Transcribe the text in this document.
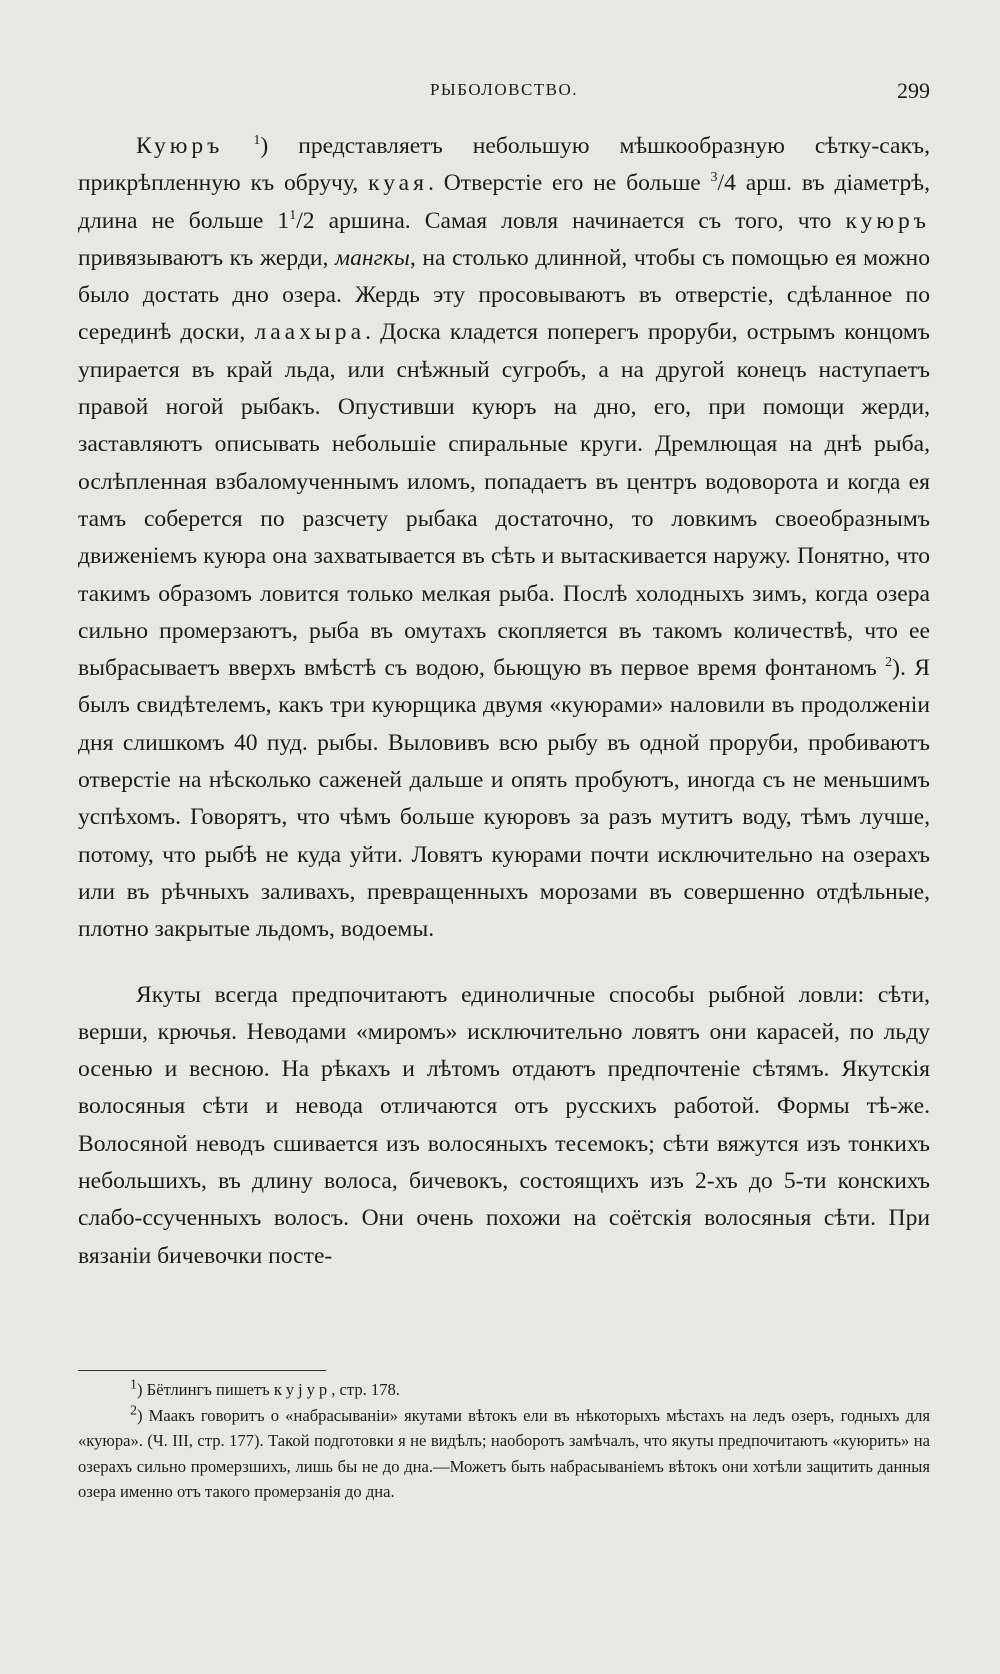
РЫБОЛОВСТВО.	299

Куюръ $^1$) представляетъ небольшую мѣшкообразную сѣтку-сакъ, прикрѣпленную къ обручу, куая. Отверстіе его не больше $^3$/4 арш. въ діаметрѣ, длина не больше $1^1/2$ аршина. Самая ловля начинается съ того, что куюръ привязываютъ къ жерди, мангкы, на столько длинной, чтобы съ помощью ея можно было достать дно озера. Жердь эту просовываютъ въ отверстіе, сдѣланное по серединѣ доски, лаахыра. Доска кладется поперегъ проруби, острымъ концомъ упирается въ край льда, или снѣжный сугробъ, а на другой конецъ наступаетъ правой ногой рыбакъ. Опустивши куюръ на дно, его, при помощи жерди, заставляютъ описывать небольшіе спиральные круги. Дремлющая на днѣ рыба, ослѣпленная взбаломученнымъ иломъ, попадаетъ въ центръ водоворота и когда ея тамъ соберется по разсчету рыбака достаточно, то ловкимъ своеобразнымъ движеніемъ куюра она захватывается въ сѣть и вытаскивается наружу. Понятно, что такимъ образомъ ловится только мелкая рыба. Послѣ холодныхъ зимъ, когда озера сильно промерзаютъ, рыба въ омутахъ скопляется въ такомъ количествѣ, что ее выбрасываетъ вверхъ вмѣстѣ съ водою, бьющую въ первое время фонтаномъ $^2$). Я былъ свидѣтелемъ, какъ три куюрщика двумя «куюрами» наловили въ продолженіи дня слишкомъ 40 пуд. рыбы. Выловивъ всю рыбу въ одной проруби, пробиваютъ отверстіе на нѣсколько саженей дальше и опять пробуютъ, иногда съ не меньшимъ успѣхомъ. Говорятъ, что чѣмъ больше куюровъ за разъ мутитъ воду, тѣмъ лучше, потому, что рыбѣ не куда уйти. Ловятъ куюрами почти исключительно на озерахъ или въ рѣчныхъ заливахъ, превращенныхъ морозами въ совершенно отдѣльные, плотно закрытые льдомъ, водоемы.

Якуты всегда предпочитаютъ единоличные способы рыбной ловли: сѣти, верши, крючья. Неводами «миромъ» исключительно ловятъ они карасей, по льду осенью и весною. На рѣкахъ и лѣтомъ отдаютъ предпочтеніе сѣтямъ. Якутскія волосяныя сѣти и невода отличаются отъ русскихъ работой. Формы тѣ-же. Волосяной неводъ сшивается изъ волосяныхъ тесемокъ; сѣти вяжутся изъ тонкихъ небольшихъ, въ длину волоса, бичевокъ, состоящихъ изъ 2-хъ до 5-ти конскихъ слабо-ссученныхъ волосъ. Они очень похожи на соётскія волосяныя сѣти. При вязаніи бичевочки посте-

$^1$) Бётлингъ пишетъ куjур, стр. 178.

$^2$) Маакъ говоритъ о «набрасываніи» якутами вѣтокъ ели въ нѣкоторыхъ мѣстахъ на ледъ озеръ, годныхъ для «куюра». (Ч. III, стр. 177). Такой подготовки я не видѣлъ; наоборотъ замѣчалъ, что якуты предпочитаютъ «куюрить» на озерахъ сильно промерзшихъ, лишь бы не до дна.—Можетъ быть набрасываніемъ вѣтокъ они хотѣли защитить данныя озера именно отъ такого промерзанія до дна.
